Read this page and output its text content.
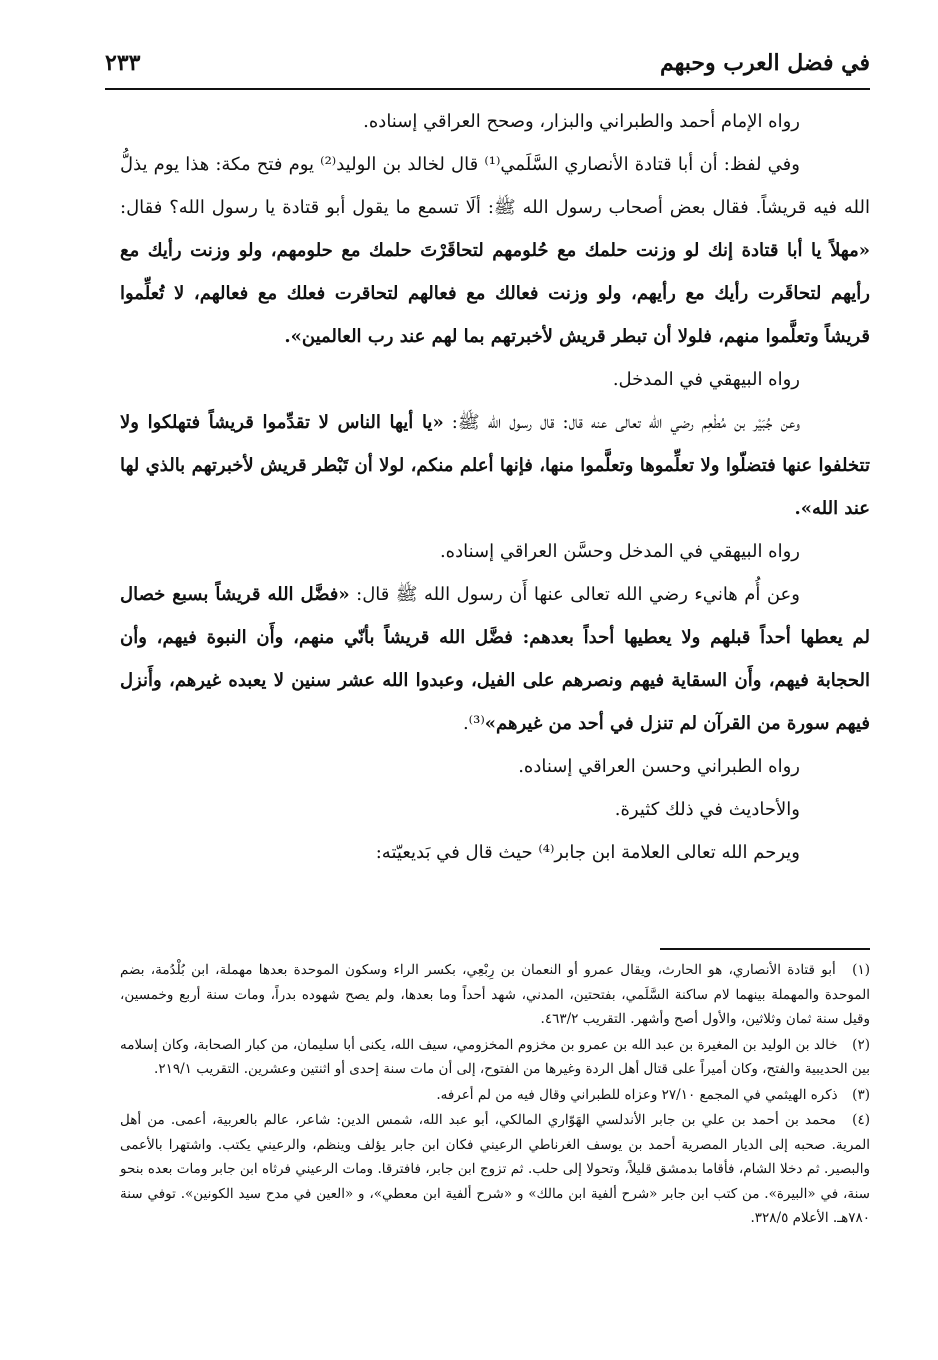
في فضل العرب وحبهم
٢٣٣

رواه الإمام أحمد والطبراني والبزار، وصحح العراقي إسناده.

وفي لفظ: أن أبا قتادة الأنصاري السَّلَمي⁽¹⁾ قال لخالد بن الوليد⁽²⁾ يوم فتح مكة: هذا يوم يذلُّ الله فيه قريشاً. فقال بعض أصحاب رسول الله ﷺ: ألَا تسمع ما يقول أبو قتادة يا رسول الله؟ فقال: «مهلاً يا أبا قتادة إنك لو وزنت حلمك مع حُلومهم لتحاقَرْتَ حلمك مع حلومهم، ولو وزنت رأيك مع رأيهم لتحاقَرت رأيك مع رأيهم، ولو وزنت فعالك مع فعالهم لتحاقرت فعلك مع فعالهم، لا تُعلِّموا قريشاً وتعلَّموا منهم، فلولا أن تبطر قريش لأخبرتهم بما لهم عند رب العالمين».

رواه البيهقي في المدخل.

وعن جُبَيْر بن مُطْعِم رضي الله تعالى عنه قال: قال رسول الله ﷺ: «يا أيها الناس لا تقدِّموا قريشاً فتهلكوا ولا تتخلفوا عنها فتضلّوا ولا تعلِّموها وتعلَّموا منها، فإنها أعلم منكم، لولا أن تَبْطر قريش لأخبرتهم بالذي لها عند الله».

رواه البيهقي في المدخل وحسَّن العراقي إسناده.

وعن أُم هانيء رضي الله تعالى عنها أَن رسول الله ﷺ قال: «فضَّل الله قريشاً بسبع خصال لم يعطها أحداً قبلهم ولا يعطيها أحداً بعدهم: فضَّل الله قريشاً بأنّي منهم، وأَن النبوة فيهم، وأن الحجابة فيهم، وأَن السقاية فيهم ونصرهم على الفيل، وعبدوا الله عشر سنين لا يعبده غيرهم، وأَنزل فيهم سورة من القرآن لم تنزل في أحد من غيرهم»⁽³⁾.

رواه الطبراني وحسن العراقي إسناده.

والأحاديث في ذلك كثيرة.

ويرحم الله تعالى العلامة ابن جابر⁽⁴⁾ حيث قال في بَديعيّته:

(١) أبو قتادة الأنصاري، هو الحارث، ويقال عمرو أو النعمان بن رِبْعِي، بكسر الراء وسكون الموحدة بعدها مهملة، ابن بُلْدُمة، بضم الموحدة والمهملة بينهما لام ساكنة السَّلَمي، بفتحتين، المدني، شهد أحداً وما بعدها، ولم يصح شهوده بدراً، ومات سنة أربع وخمسين، وقيل سنة ثمان وثلاثين، والأول أصح وأشهر. التقريب ٤٦٣/٢.

(٢) خالد بن الوليد بن المغيرة بن عبد الله بن عمرو بن مخزوم المخزومي، سيف الله، يكنى أبا سليمان، من كبار الصحابة، وكان إسلامه بين الحديبية والفتح، وكان أميراً على قتال أهل الردة وغيرها من الفتوح، إلى أن مات سنة إحدى أو اثنتين وعشرين. التقريب ٢١٩/١.

(٣) ذكره الهيثمي في المجمع ٢٧/١٠ وعزاه للطبراني وقال فيه من لم أعرفه.

(٤) محمد بن أحمد بن علي بن جابر الأندلسي الهَوّاري المالكي، أبو عبد الله، شمس الدين: شاعر، عالم بالعربية، أعمى. من أهل المرية. صحبه إلى الديار المصرية أحمد بن يوسف الغرناطي الرعيني فكان ابن جابر يؤلف وينظم، والرعيني يكتب. واشتهرا بالأعمى والبصير. ثم دخلا الشام، فأقاما بدمشق قليلاً، وتحولا إلى حلب. ثم تزوج ابن جابر، فافترقا. ومات الرعيني فرثاه ابن جابر ومات بعده بنحو سنة، في «البيرة». من كتب ابن جابر «شرح ألفية ابن مالك» و «شرح ألفية ابن معطي»، و «العين في مدح سيد الكونين». توفي سنة ٧٨٠هـ. الأعلام ٣٢٨/٥.
